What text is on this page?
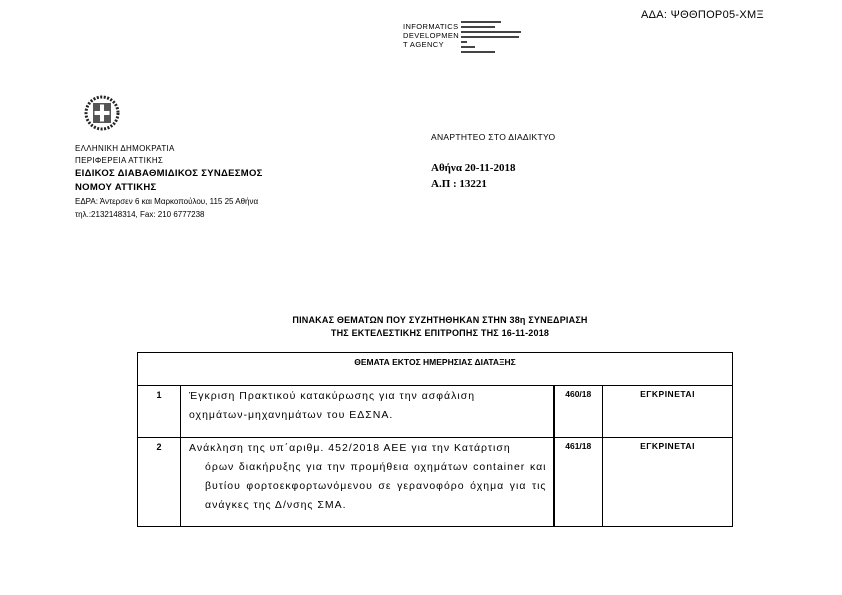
ΑΔΑ: ΨΘΘΠΟΡ05-ΧΜΞ
INFORMATICS
DEVELOPMEN
T AGENCY
ΕΛΛΗΝΙΚΗ ΔΗΜΟΚΡΑΤΙΑ
ΠΕΡΙΦΕΡΕΙΑ ΑΤΤΙΚΗΣ
ΕΙΔΙΚΟΣ ΔΙΑΒΑΘΜΙΔΙΚΟΣ ΣΥΝΔΕΣΜΟΣ
ΝΟΜΟΥ ΑΤΤΙΚΗΣ
ΕΔΡΑ: Άντερσεν 6 και Μαρκοπούλου, 115 25 Αθήνα
τηλ.:2132148314, Fax: 210 6777238
ΑΝΑΡΤΗΤΕΟ ΣΤΟ ΔΙΑΔΙΚΤΥΟ
Αθήνα 20-11-2018
Α.Π : 13221
ΠΙΝΑΚΑΣ ΘΕΜΑΤΩΝ ΠΟΥ ΣΥΖΗΤΗΘΗΚΑΝ ΣΤΗΝ 38η ΣΥΝΕΔΡΙΑΣΗ
ΤΗΣ ΕΚΤΕΛΕΣΤΙΚΗΣ ΕΠΙΤΡΟΠΗΣ ΤΗΣ 16-11-2018
ΘΕΜΑΤΑ ΕΚΤΟΣ ΗΜΕΡΗΣΙΑΣ ΔΙΑΤΑΞΗΣ			
1	Έγκριση Πρακτικού κατακύρωσης για την ασφάλιση
οχημάτων-μηχανημάτων του ΕΔΣΝΑ.	460/18	ΕΓΚΡΙΝΕΤΑΙ
2	Ανάκληση της υπ΄αριθμ. 452/2018 ΑΕΕ για την Κατάρτιση
όρων διακήρυξης για την προμήθεια οχημάτων container και βυτίου φορτοεκφορτωνόμενου σε γερανοφόρο όχημα για τις ανάγκες της Δ/νσης ΣΜΑ.	461/18	ΕΓΚΡΙΝΕΤΑΙ
